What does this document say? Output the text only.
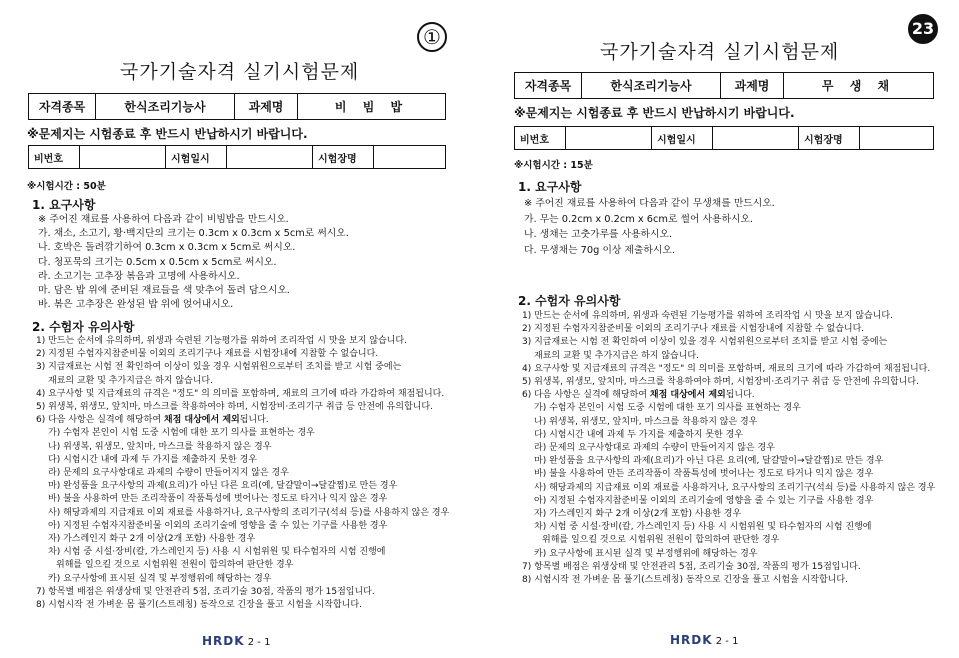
①
국가기술자격 실기시험문제
자격종목	한식조리기능사	과제명	비 빔 밥
※문제지는 시험종료 후 반드시 반납하시기 바랍니다.
비번호		시험일시		시험장명	
※시험시간 : 50분
1. 요구사항
※ 주어진 재료를 사용하여 다음과 같이 비빔밥을 만드시오.
가. 채소, 소고기, 황·백지단의 크기는 0.3cm x 0.3cm x 5cm로 써시오.
나. 호박은 돌려깎기하여 0.3cm x 0.3cm x 5cm로 써시오.
다. 청포묵의 크기는 0.5cm x 0.5cm x 5cm로 써시오.
라. 소고기는 고추장 볶음과 고명에 사용하시오.
마. 담은 밥 위에 준비된 재료들을 색 맞추어 돌려 담으시오.
바. 볶은 고추장은 완성된 밥 위에 얹어내시오.
2. 수험자 유의사항
1) 만드는 순서에 유의하며, 위생과 숙련된 기능평가를 위하여 조리작업 시 맛을 보지 않습니다.
2) 지정된 수험자지참준비물 이외의 조리기구나 재료를 시험장내에 지참할 수 없습니다.
3) 지급재료는 시험 전 확인하여 이상이 있을 경우 시험위원으로부터 조치를 받고 시험 중에는
재료의 교환 및 추가지급은 하지 않습니다.
4) 요구사항 및 지급재료의 규격은 "정도" 의 의미를 포함하며, 재료의 크기에 따라 가감하여 채점됩니다.
5) 위생복, 위생모, 앞치마, 마스크를 착용하여야 하며, 시험장비·조리기구 취급 등 안전에 유의합니다.
6) 다음 사항은 실격에 해당하여 채점 대상에서 제외됩니다.
가) 수험자 본인이 시험 도중 시험에 대한 포기 의사를 표현하는 경우
나) 위생복, 위생모, 앞치마, 마스크를 착용하지 않은 경우
다) 시험시간 내에 과제 두 가지를 제출하지 못한 경우
라) 문제의 요구사항대로 과제의 수량이 만들어지지 않은 경우
마) 완성품을 요구사항의 과제(요리)가 아닌 다른 요리(예, 달걀말이→달걀찜)로 만든 경우
바) 불을 사용하여 만든 조리작품이 작품특성에 벗어나는 정도로 타거나 익지 않은 경우
사) 해당과제의 지급재료 이외 재료를 사용하거나, 요구사항의 조리기구(석쇠 등)를 사용하지 않은 경우
아) 지정된 수험자지참준비물 이외의 조리기술에 영향을 줄 수 있는 기구를 사용한 경우
자) 가스레인지 화구 2개 이상(2개 포함) 사용한 경우
차) 시험 중 시설·장비(칼, 가스레인지 등) 사용 시 시험위원 및 타수험자의 시험 진행에
위해를 일으킬 것으로 시험위원 전원이 합의하여 판단한 경우
카) 요구사항에 표시된 실격 및 부정행위에 해당하는 경우
7) 항목별 배점은 위생상태 및 안전관리 5점, 조리기술 30점, 작품의 평가 15점입니다.
8) 시험시작 전 가벼운 몸 풀기(스트레칭) 동작으로 긴장을 풀고 시험을 시작합니다.
HRDK 2 - 1
23
국가기술자격 실기시험문제
자격종목	한식조리기능사	과제명	무 생 채
※문제지는 시험종료 후 반드시 반납하시기 바랍니다.
비번호		시험일시		시험장명	
※시험시간 : 15분
1. 요구사항
※ 주어진 재료를 사용하여 다음과 같이 무생채를 만드시오.
가. 무는 0.2cm x 0.2cm x 6cm로 썰어 사용하시오.
나. 생채는 고춧가루를 사용하시오.
다. 무생채는 70g 이상 제출하시오.
2. 수험자 유의사항
1) 만드는 순서에 유의하며, 위생과 숙련된 기능평가를 위하여 조리작업 시 맛을 보지 않습니다.
2) 지정된 수험자지참준비물 이외의 조리기구나 재료를 시험장내에 지참할 수 없습니다.
3) 지급재료는 시험 전 확인하여 이상이 있을 경우 시험위원으로부터 조치를 받고 시험 중에는
재료의 교환 및 추가지급은 하지 않습니다.
4) 요구사항 및 지급재료의 규격은 "정도" 의 의미를 포함하며, 재료의 크기에 따라 가감하여 채점됩니다.
5) 위생복, 위생모, 앞치마, 마스크를 착용하여야 하며, 시험장비·조리기구 취급 등 안전에 유의합니다.
6) 다음 사항은 실격에 해당하여 채점 대상에서 제외됩니다.
가) 수험자 본인이 시험 도중 시험에 대한 포기 의사를 표현하는 경우
나) 위생복, 위생모, 앞치마, 마스크를 착용하지 않은 경우
다) 시험시간 내에 과제 두 가지를 제출하지 못한 경우
라) 문제의 요구사항대로 과제의 수량이 만들어지지 않은 경우
마) 완성품을 요구사항의 과제(요리)가 아닌 다른 요리(예, 달걀말이→달걀찜)로 만든 경우
바) 불을 사용하여 만든 조리작품이 작품특성에 벗어나는 정도로 타거나 익지 않은 경우
사) 해당과제의 지급재료 이외 재료를 사용하거나, 요구사항의 조리기구(석쇠 등)를 사용하지 않은 경우
아) 지정된 수험자지참준비물 이외의 조리기술에 영향을 줄 수 있는 기구를 사용한 경우
자) 가스레인지 화구 2개 이상(2개 포함) 사용한 경우
차) 시험 중 시설·장비(칼, 가스레인지 등) 사용 시 시험위원 및 타수험자의 시험 진행에
위해를 일으킬 것으로 시험위원 전원이 합의하여 판단한 경우
카) 요구사항에 표시된 실격 및 부정행위에 해당하는 경우
7) 항목별 배점은 위생상태 및 안전관리 5점, 조리기술 30점, 작품의 평가 15점입니다.
8) 시험시작 전 가벼운 몸 풀기(스트레칭) 동작으로 긴장을 풀고 시험을 시작합니다.
HRDK 2 - 1
